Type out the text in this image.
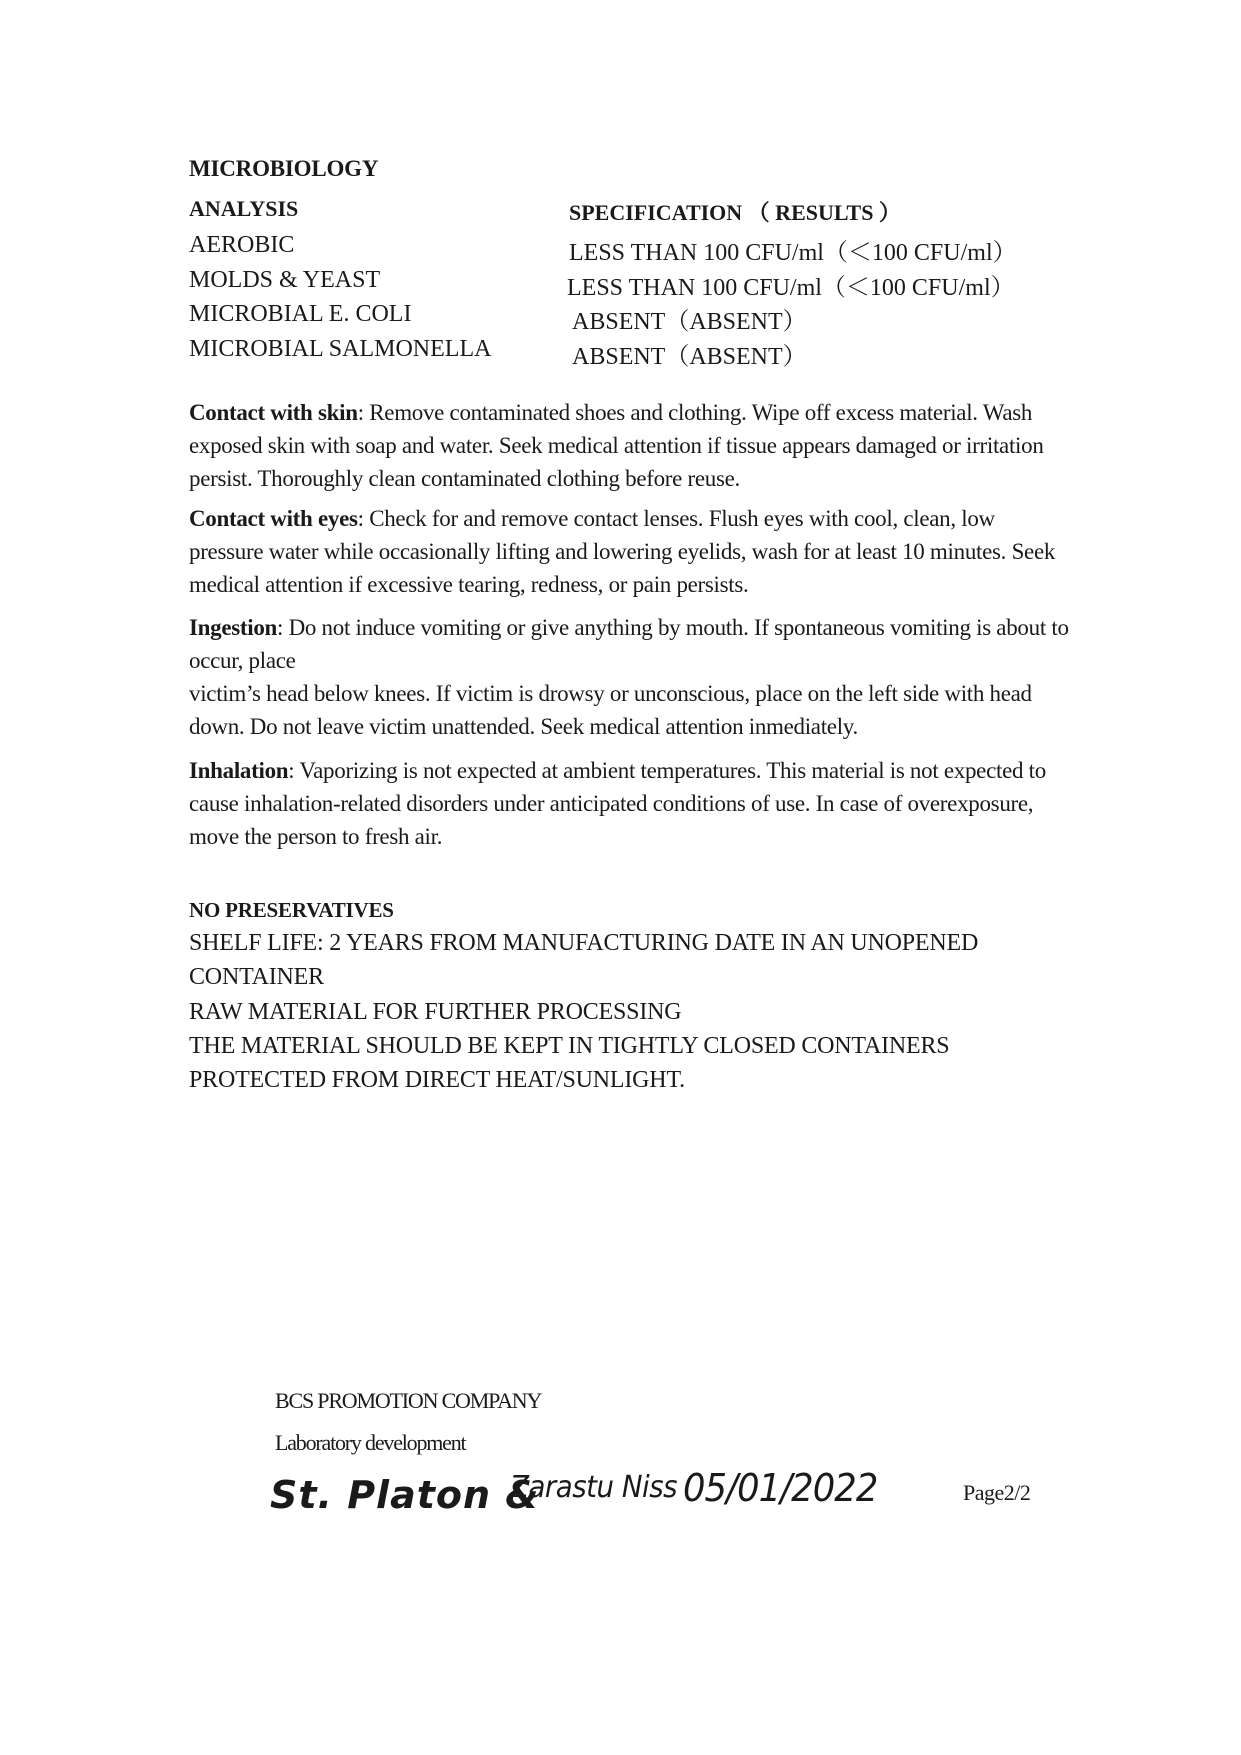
MICROBIOLOGY
ANALYSIS	SPECIFICATION （ RESULTS ）
AEROBIC	LESS THAN 100 CFU/ml（＜100 CFU/ml）
MOLDS & YEAST	LESS THAN 100 CFU/ml（＜100 CFU/ml）
MICROBIAL E. COLI	ABSENT（ABSENT）
MICROBIAL SALMONELLA	ABSENT（ABSENT）
Contact with skin: Remove contaminated shoes and clothing. Wipe off excess material. Wash exposed skin with soap and water. Seek medical attention if tissue appears damaged or irritation persist. Thoroughly clean contaminated clothing before reuse.
Contact with eyes: Check for and remove contact lenses. Flush eyes with cool, clean, low pressure water while occasionally lifting and lowering eyelids, wash for at least 10 minutes. Seek medical attention if excessive tearing, redness, or pain persists.
Ingestion: Do not induce vomiting or give anything by mouth. If spontaneous vomiting is about to occur, place
victim’s head below knees. If victim is drowsy or unconscious, place on the left side with head down. Do not leave victim unattended. Seek medical attention inmediately.
Inhalation: Vaporizing is not expected at ambient temperatures. This material is not expected to cause inhalation-related disorders under anticipated conditions of use. In case of overexposure, move the person to fresh air.
NO PRESERVATIVES
SHELF LIFE: 2 YEARS FROM MANUFACTURING DATE IN AN UNOPENED
CONTAINER
RAW MATERIAL FOR FURTHER PROCESSING
THE MATERIAL SHOULD BE KEPT IN TIGHTLY CLOSED CONTAINERS
PROTECTED FROM DIRECT HEAT/SUNLIGHT.
BCS PROMOTION COMPANY
Laboratory development
St. Platon &
Zarastu Niss 05/01/2022	Page2/2
